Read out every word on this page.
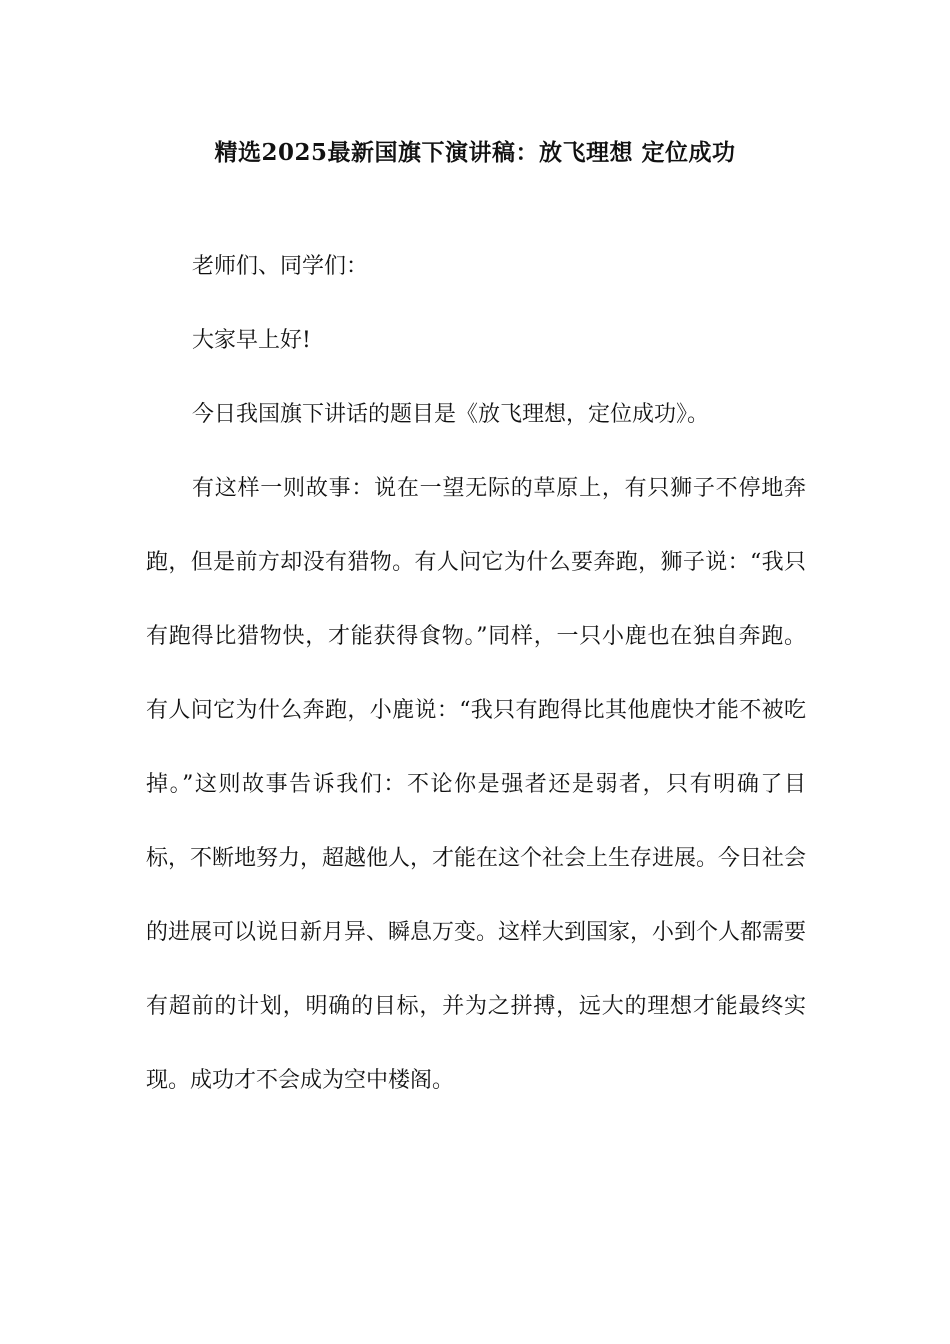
精选2025最新国旗下演讲稿：放飞理想 定位成功

老师们、同学们：

大家早上好!

今日我国旗下讲话的题目是《放飞理想，定位成功》。

有这样一则故事：说在一望无际的草原上，有只狮子不停地奔跑，但是前方却没有猎物。有人问它为什么要奔跑，狮子说：“我只有跑得比猎物快，才能获得食物。”同样，一只小鹿也在独自奔跑。有人问它为什么奔跑，小鹿说：“我只有跑得比其他鹿快才能不被吃掉。”这则故事告诉我们：不论你是强者还是弱者，只有明确了目标，不断地努力，超越他人，才能在这个社会上生存进展。今日社会的进展可以说日新月异、瞬息万变。这样大到国家，小到个人都需要有超前的计划，明确的目标，并为之拼搏，远大的理想才能最终实现。成功才不会成为空中楼阁。
